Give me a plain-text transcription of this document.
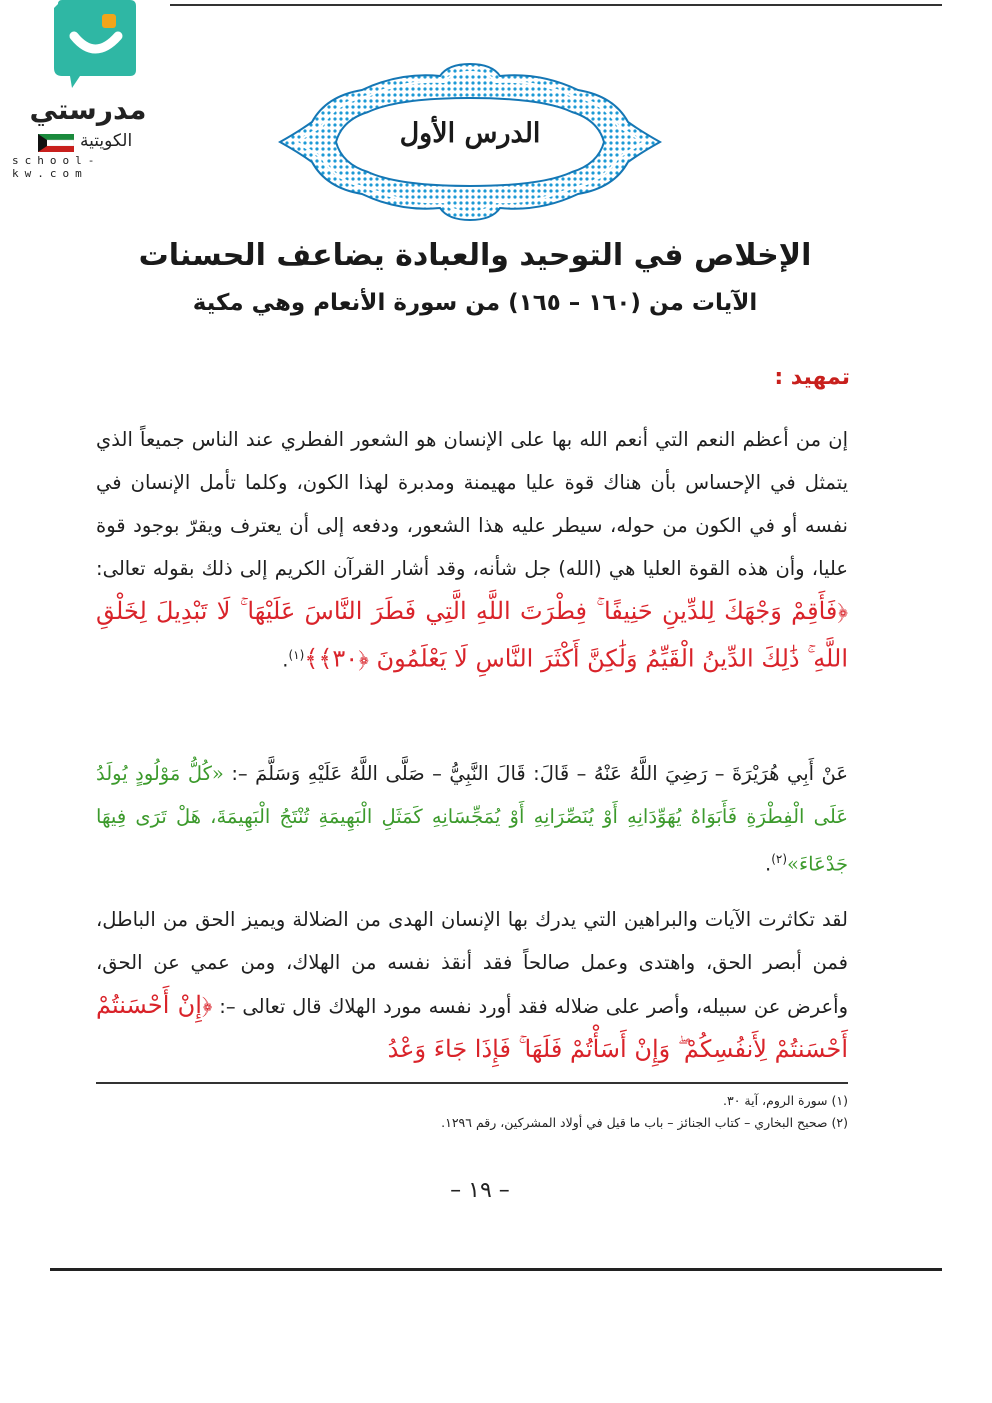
مدرستي
الكويتية
school-kw.com
الدرس الأول
الإخلاص في التوحيد والعبادة يضاعف الحسنات
الآيات من (١٦٠ – ١٦٥) من سورة الأنعام وهي مكية
تمهيد :
إن من أعظم النعم التي أنعم الله بها على الإنسان هو الشعور الفطري عند الناس جميعاً الذي يتمثل في الإحساس بأن هناك قوة عليا مهيمنة ومدبرة لهذا الكون، وكلما تأمل الإنسان في نفسه أو في الكون من حوله، سيطر عليه هذا الشعور، ودفعه إلى أن يعترف ويقرّ بوجود قوة عليا، وأن هذه القوة العليا هي (الله) جل شأنه، وقد أشار القرآن الكريم إلى ذلك بقوله تعالى: ﴿فَأَقِمْ وَجْهَكَ لِلدِّينِ حَنِيفًا ۚ فِطْرَتَ اللَّهِ الَّتِي فَطَرَ النَّاسَ عَلَيْهَا ۚ لَا تَبْدِيلَ لِخَلْقِ اللَّهِ ۚ ذَٰلِكَ الدِّينُ الْقَيِّمُ وَلَٰكِنَّ أَكْثَرَ النَّاسِ لَا يَعْلَمُونَ ﴿٣٠﴾﴾$^{(١)}$.
عَنْ أَبِي هُرَيْرَةَ – رَضِيَ اللَّهُ عَنْهُ – قَالَ: قَالَ النَّبِيُّ – صَلَّى اللَّهُ عَلَيْهِ وَسَلَّمَ –: «كُلُّ مَوْلُودٍ يُولَدُ عَلَى الْفِطْرَةِ فَأَبَوَاهُ يُهَوِّدَانِهِ أَوْ يُنَصِّرَانِهِ أَوْ يُمَجِّسَانِهِ كَمَثَلِ الْبَهِيمَةِ تُنْتَجُ الْبَهِيمَةَ، هَلْ تَرَى فِيهَا جَدْعَاءَ»$^{(٢)}$.
لقد تكاثرت الآيات والبراهين التي يدرك بها الإنسان الهدى من الضلالة ويميز الحق من الباطل، فمن أبصر الحق، واهتدى وعمل صالحاً فقد أنقذ نفسه من الهلاك، ومن عمي عن الحق، وأعرض عن سبيله، وأصر على ضلاله فقد أورد نفسه مورد الهلاك قال تعالى –: ﴿إِنْ أَحْسَنتُمْ أَحْسَنتُمْ لِأَنفُسِكُمْ ۖ وَإِنْ أَسَأْتُمْ فَلَهَا ۚ فَإِذَا جَاءَ وَعْدُ
(١) سورة الروم، آية ٣٠.
(٢) صحيح البخاري – كتاب الجنائز – باب ما قيل في أولاد المشركين، رقم ١٢٩٦.
– ١٩ –
